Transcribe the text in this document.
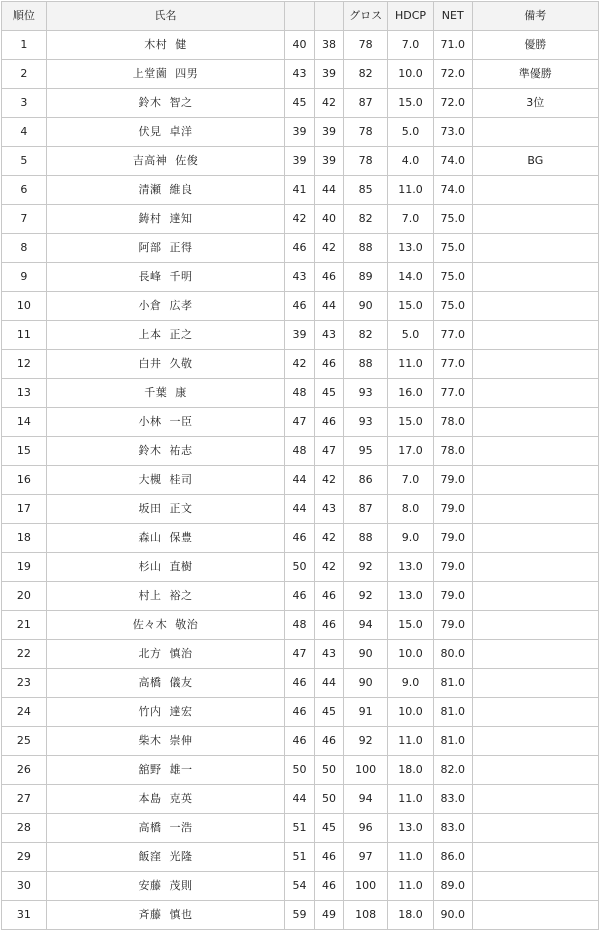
順位	氏名			グロス	HDCP	NET	備考
1	木村 健	40	38	78	7.0	71.0	優勝
2	上堂薗 四男	43	39	82	10.0	72.0	準優勝
3	鈴木 智之	45	42	87	15.0	72.0	3位
4	伏見 卓洋	39	39	78	5.0	73.0	
5	吉高神 佐俊	39	39	78	4.0	74.0	BG
6	清瀬 維良	41	44	85	11.0	74.0	
7	鋳村 達知	42	40	82	7.0	75.0	
8	阿部 正得	46	42	88	13.0	75.0	
9	長峰 千明	43	46	89	14.0	75.0	
10	小倉 広孝	46	44	90	15.0	75.0	
11	上本 正之	39	43	82	5.0	77.0	
12	白井 久敬	42	46	88	11.0	77.0	
13	千葉 康	48	45	93	16.0	77.0	
14	小林 一臣	47	46	93	15.0	78.0	
15	鈴木 祐志	48	47	95	17.0	78.0	
16	大槻 桂司	44	42	86	7.0	79.0	
17	坂田 正文	44	43	87	8.0	79.0	
18	森山 保豊	46	42	88	9.0	79.0	
19	杉山 直樹	50	42	92	13.0	79.0	
20	村上 裕之	46	46	92	13.0	79.0	
21	佐々木 敬治	48	46	94	15.0	79.0	
22	北方 慎治	47	43	90	10.0	80.0	
23	高橋 儀友	46	44	90	9.0	81.0	
24	竹内 達宏	46	45	91	10.0	81.0	
25	柴木 崇伸	46	46	92	11.0	81.0	
26	舘野 雄一	50	50	100	18.0	82.0	
27	本島 克英	44	50	94	11.0	83.0	
28	高橋 一浩	51	45	96	13.0	83.0	
29	飯窪 光隆	51	46	97	11.0	86.0	
30	安藤 茂則	54	46	100	11.0	89.0	
31	斉藤 慎也	59	49	108	18.0	90.0	
